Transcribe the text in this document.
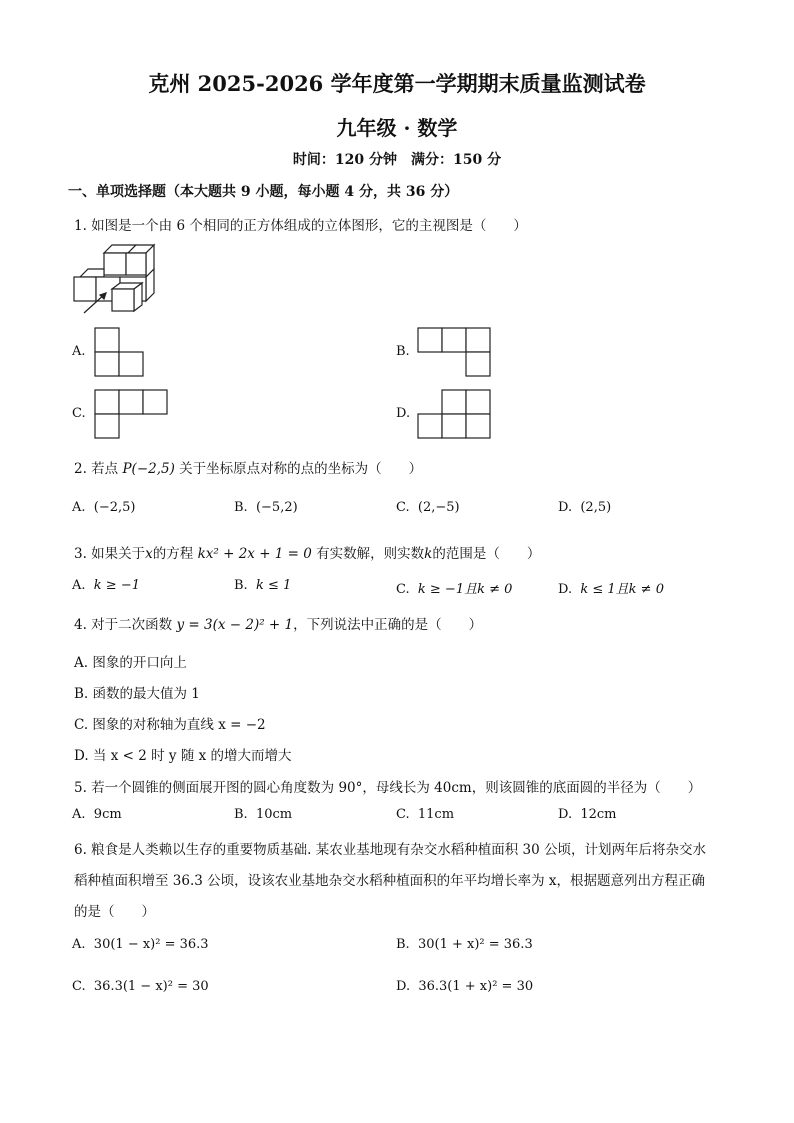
克州 2025-2026 学年度第一学期期末质量监测试卷
九年级 · 数学
时间：120 分钟　满分：150 分
一、单项选择题（本大题共 9 小题，每小题 4 分，共 36 分）
1. 如图是一个由 6 个相同的正方体组成的立体图形，它的主视图是（　　）
A.	B.
C.	D.
2. 若点 P(−2,5) 关于坐标原点对称的点的坐标为（　　）
A. (−2,5)	B. (−5,2)	C. (2,−5)	D. (2,5)
3. 如果关于x的方程 kx² + 2x + 1 = 0 有实数解，则实数k的范围是（　　）
A. k ≥ −1	B. k ≤ 1	C. k ≥ −1且k ≠ 0	D. k ≤ 1且k ≠ 0
4. 对于二次函数 y = 3(x − 2)² + 1，下列说法中正确的是（　　）
A. 图象的开口向上
B. 函数的最大值为 1
C. 图象的对称轴为直线 x = −2
D. 当 x < 2 时 y 随 x 的增大而增大
5. 若一个圆锥的侧面展开图的圆心角度数为 90°，母线长为 40cm，则该圆锥的底面圆的半径为（　　）
A. 9cm	B. 10cm	C. 11cm	D. 12cm
6. 粮食是人类赖以生存的重要物质基础. 某农业基地现有杂交水稻种植面积 30 公顷，计划两年后将杂交水
稻种植面积增至 36.3 公顷，设该农业基地杂交水稻种植面积的年平均增长率为 x，根据题意列出方程正确
的是（　　）
A. 30(1 − x)² = 36.3	B. 30(1 + x)² = 36.3
C. 36.3(1 − x)² = 30	D. 36.3(1 + x)² = 30
